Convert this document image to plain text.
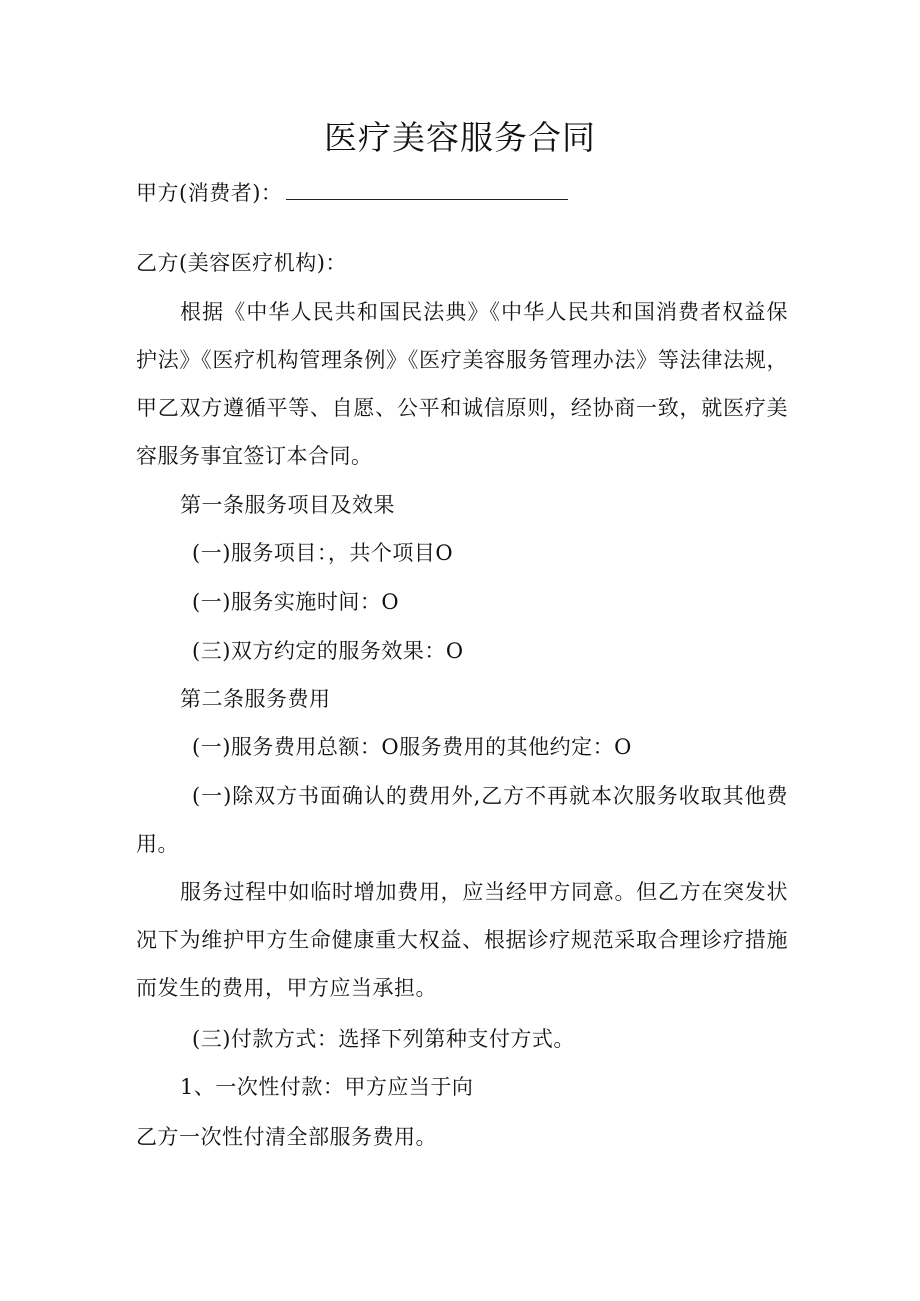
医疗美容服务合同
甲方(消费者)：
乙方(美容医疗机构)：
根据《中华人民共和国民法典》《中华人民共和国消费者权益保护法》《医疗机构管理条例》《医疗美容服务管理办法》等法律法规，甲乙双方遵循平等、自愿、公平和诚信原则，经协商一致，就医疗美容服务事宜签订本合同。
第一条服务项目及效果
(一)服务项目：，共个项目O
(一)服务实施时间：O
(三)双方约定的服务效果：O
第二条服务费用
(一)服务费用总额：O服务费用的其他约定：O
(一)除双方书面确认的费用外,乙方不再就本次服务收取其他费用。
服务过程中如临时增加费用，应当经甲方同意。但乙方在突发状况下为维护甲方生命健康重大权益、根据诊疗规范采取合理诊疗措施而发生的费用，甲方应当承担。
(三)付款方式：选择下列第种支付方式。
1、一次性付款：甲方应当于向
乙方一次性付清全部服务费用。
